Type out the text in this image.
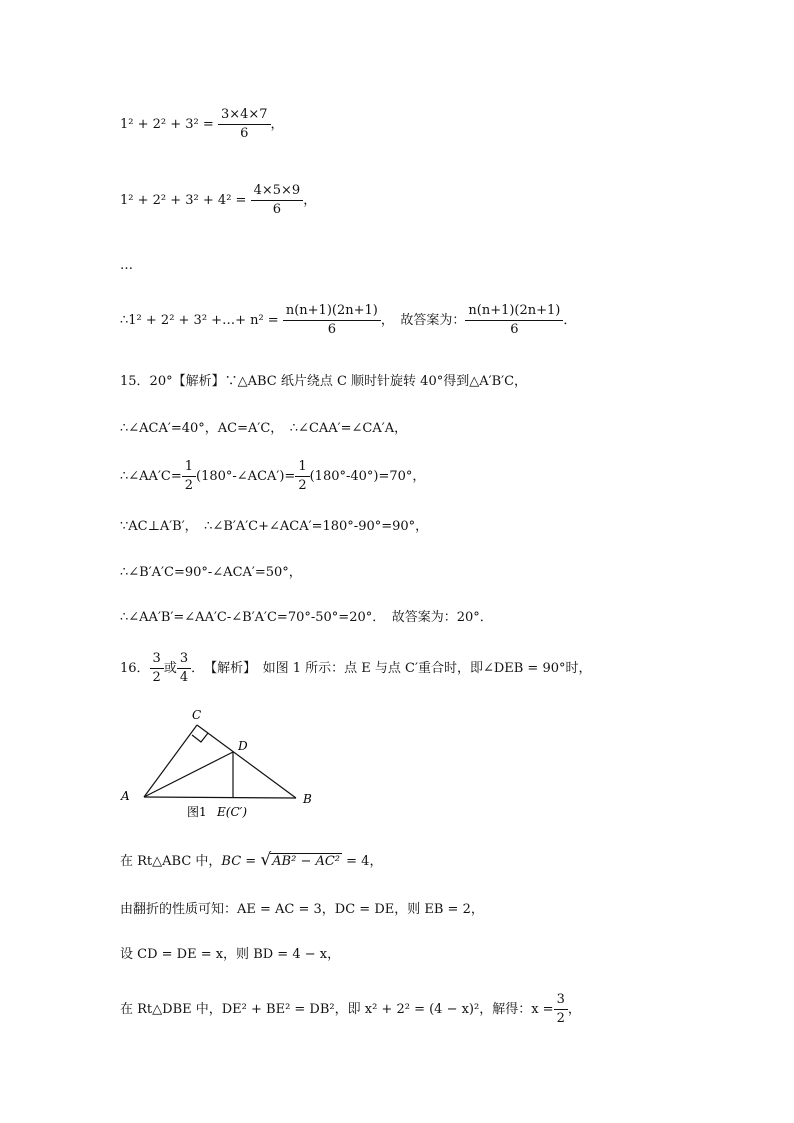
$1^2 + 2^2 + 3^2 = \frac{3\times 4\times 7}{6}$ ，
$1^2 + 2^2 + 3^2 + 4^2 = \frac{4\times 5\times 9}{6}$ ，
…
∴1² + 2² + 3² +…+ $n^2 = \frac{n(n+1)(2n+1)}{6}$ ，　故答案为： $\frac{n(n+1)(2n+1)}{6}$ ．
15．20°【解析】∵△ABC 纸片绕点 C 顺时针旋转 40°得到△A′B′C，
∴∠ACA′=40°，AC=A′C，　∴∠CAA′=∠CA′A，
∴∠AA′C= $\frac{1}{2}$ (180°-∠ACA′)= $\frac{1}{2} (180^\circ-40^\circ)=70^\circ$，
∵AC⊥A′B′，　∴∠B′A′C+∠ACA′=180°-90°=90°，
∴∠B′A′C=90°-∠ACA′=50°，
∴∠AA′B′=∠AA′C-∠B′A′C=70°-50°=20°．　故答案为：20°．
16． $\frac{3}{2}$ 或 $\frac{3}{4}$ ．　【解析】　如图 1 所示：点 E 与点 C′重合时，即∠DEB = 90°时，
A	B
C
D
图1 E(C′)
在 Rt△ABC 中，BC = √AB² − AC² = 4，
由翻折的性质可知：AE = AC = 3，DC = DE，则 EB = 2，
设 CD = DE = x，则 BD = 4 − x，
在 Rt△DBE 中，DE² + BE² = DB²，即 x² + 2² = (4 − x)²，解得：$x = \frac{3}{2}$ ，
